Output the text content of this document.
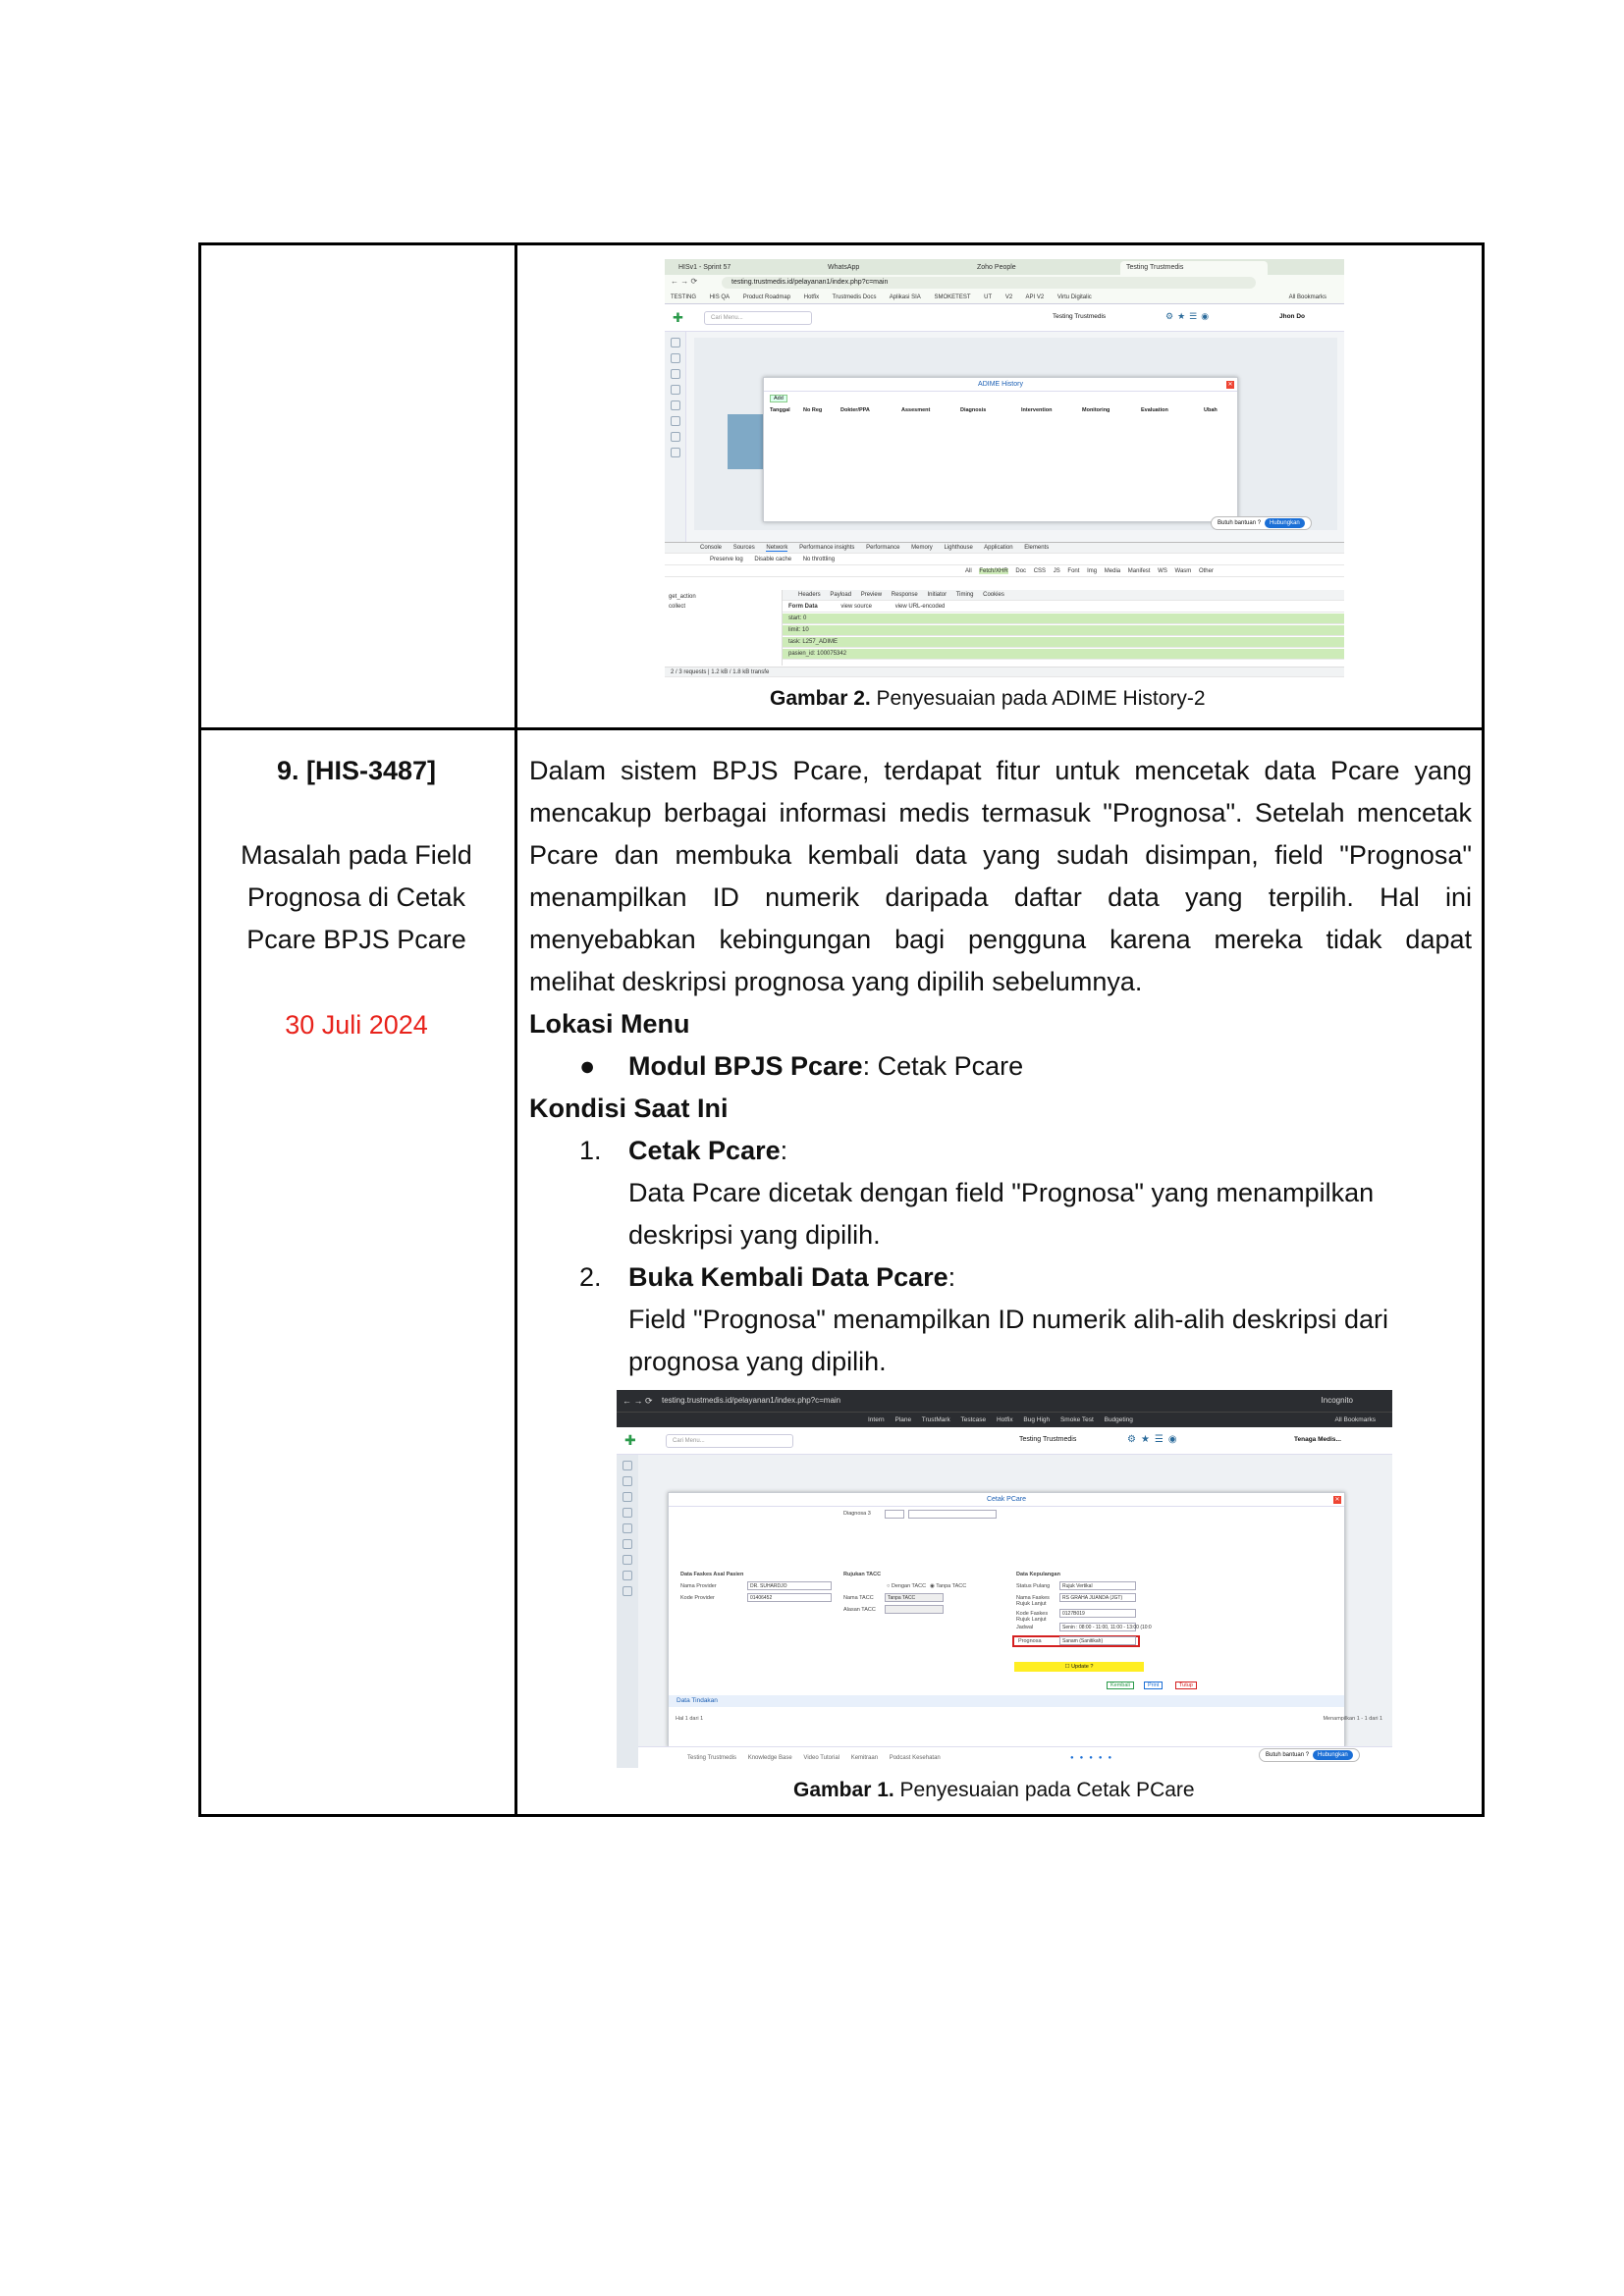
HISv1 - Sprint 57	WhatsApp	Zoho People	Testing Trustmedis
← → ⟳	testing.trustmedis.id/pelayanan1/index.php?c=main
TESTING HIS QA Product Roadmap Hotfix Trustmedis Docs Aplikasi SIA SMOKETEST UT V2 API V2 Virtu Digitalic	All Bookmarks
✚	Cari Menu...	Testing Trustmedis	⚙★☰◉	Jhon Do
ADIME History	✕
Add
Tanggal No Reg	Dokter/PPA	Assesment	Diagnosis	Intervention	Monitoring	Evaluation	Ubah
Butuh bantuan ? Hubungkan
Console Sources Network Performance insights Performance Memory Lighthouse Application Elements
Preserve log Disable cache No throttling
All Fetch/XHR Doc CSS JS Font Img Media Manifest WS Wasm Other
get_action
collect
Headers Payload Preview Response Initiator Timing Cookies
Form Data	view source	view URL-encoded
start: 0
limit: 10
task: L257_ADIME
pasien_id: 100075342
2 / 3 requests | 1.2 kB / 1.8 kB transfe
Gambar 2. Penyesuaian pada ADIME History-2
9. [HIS-3487]
Masalah pada Field
Prognosa di Cetak
Pcare BPJS Pcare
30 Juli 2024
Dalam sistem BPJS Pcare, terdapat fitur untuk mencetak data Pcare yang
mencakup berbagai informasi medis termasuk "Prognosa". Setelah mencetak
Pcare dan membuka kembali data yang sudah disimpan, field "Prognosa"
menampilkan ID numerik daripada daftar data yang terpilih. Hal ini
menyebabkan kebingungan bagi pengguna karena mereka tidak dapat
melihat deskripsi prognosa yang dipilih sebelumnya.
Lokasi Menu
● Modul BPJS Pcare: Cetak Pcare
Kondisi Saat Ini
1. Cetak Pcare:
Data Pcare dicetak dengan field "Prognosa" yang menampilkan
deskripsi yang dipilih.
2. Buka Kembali Data Pcare:
Field "Prognosa" menampilkan ID numerik alih-alih deskripsi dari
prognosa yang dipilih.
← → ⟳ testing.trustmedis.id/pelayanan1/index.php?c=main	Incognito
Intern Plane TrustMark Testcase Hotfix Bug High Smoke Test Budgeting	All Bookmarks
✚	Cari Menu...	Testing Trustmedis	⚙★☰◉	Tenaga Medis...
Cetak PCare	✕
Diagnosa 3
Data Faskes Asal Pasien
Nama Provider	DR. SUHARDJO
Kode Provider	01406452
Rujukan TACC
○ Dengan TACC ◉ Tanpa TACC
Nama TACC	Tanpa TACC
Alasan TACC
Data Kepulangan
Status Pulang	Rujuk Vertikal
Nama Faskes Rujuk Lanjut
RS GRAHA JUANDA (JGT)
Kode Faskes Rujuk Lanjut
0127B019
Jadwal	Senin : 08:00 - 11:00, 11:00 - 13:00 (10:0
Prognosa	Sanam (Sanitikah)
☐ Update ?
Kembali	Print	Tutup
Data Tindakan
Hal 1 dari 1	Menampilkan 1 - 1 dari 1
Testing Trustmedis Knowledge Base Video Tutorial Kemitraan Podcast Kesehatan	●●●●●	Butuh bantuan ? Hubungkan
Gambar 1. Penyesuaian pada Cetak PCare
